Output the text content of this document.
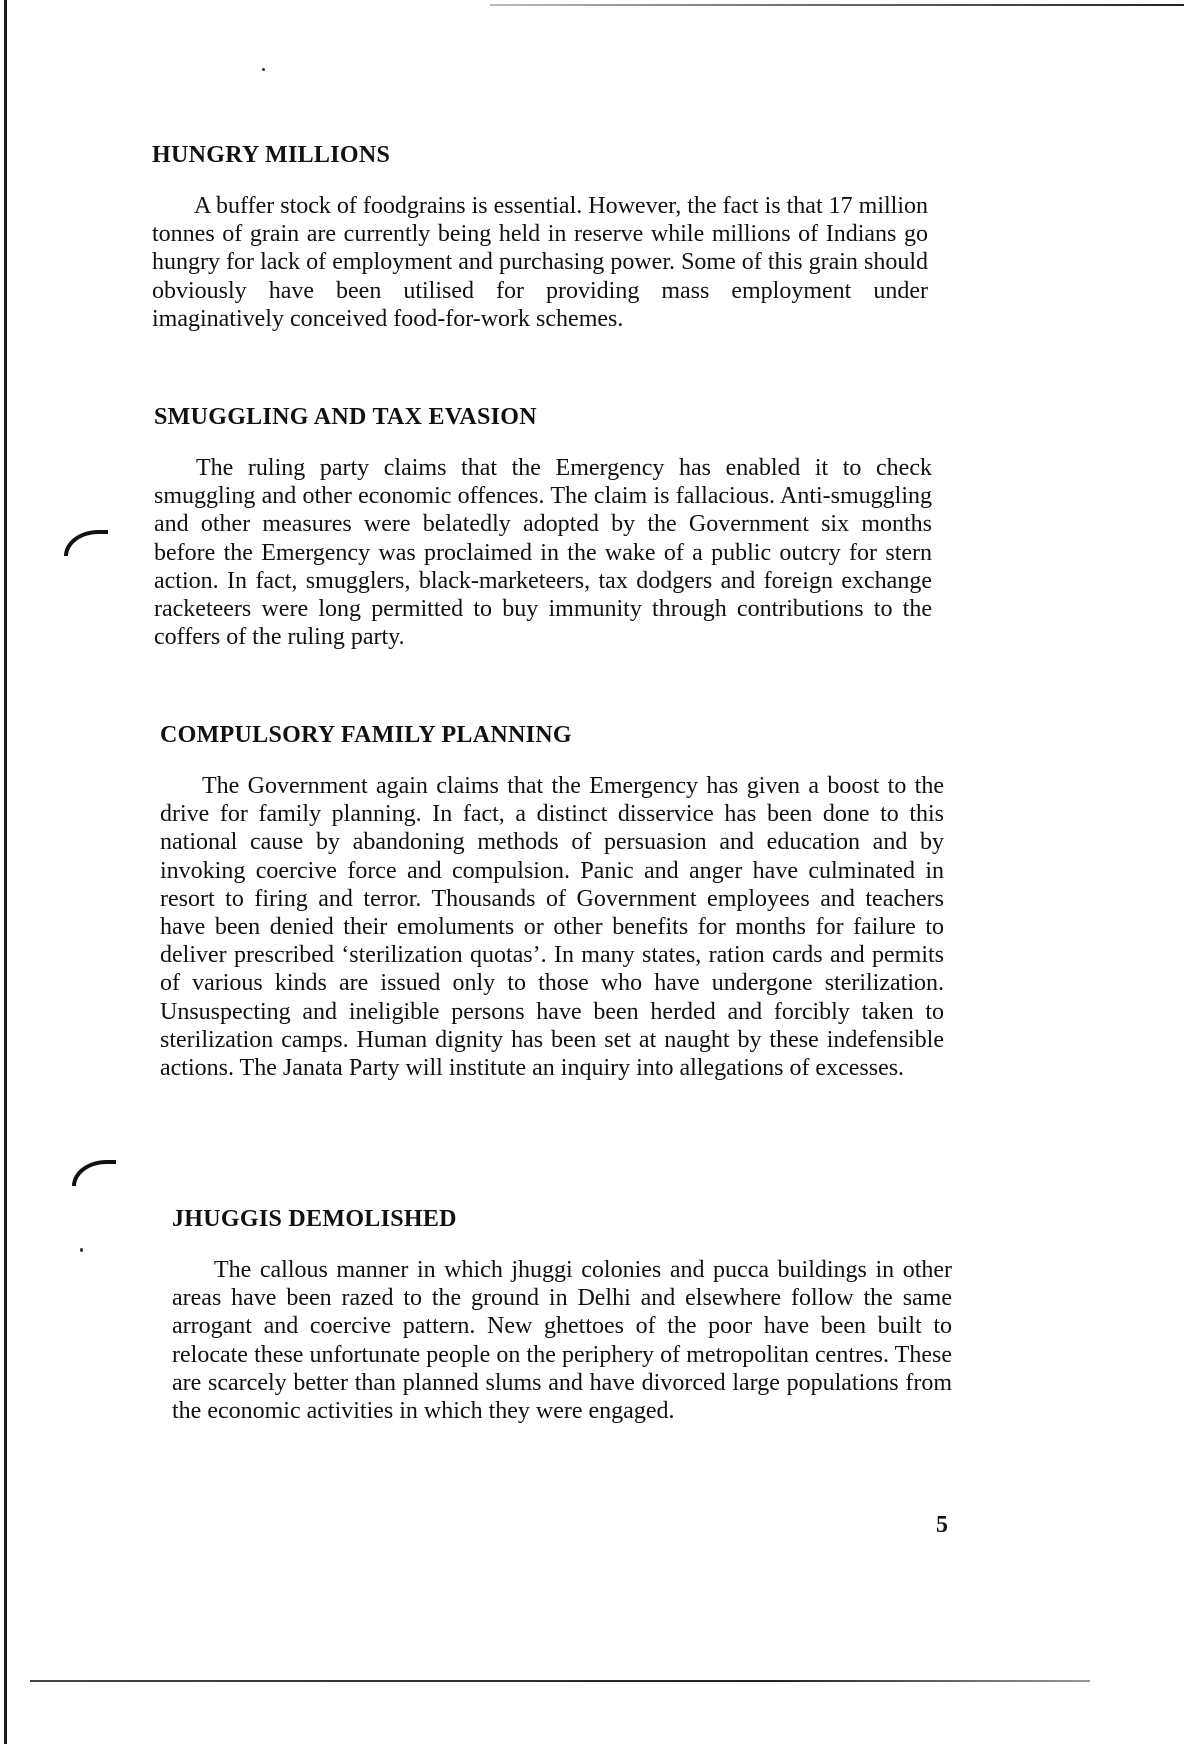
HUNGRY MILLIONS

A buffer stock of foodgrains is essential. However, the fact is that 17 million tonnes of grain are currently being held in reserve while millions of Indians go hungry for lack of employment and purchasing power. Some of this grain should obviously have been utilised for providing mass employment under imaginatively conceived food-for-work schemes.

SMUGGLING AND TAX EVASION

The ruling party claims that the Emergency has enabled it to check smuggling and other economic offences. The claim is fallacious. Anti-smuggling and other measures were belatedly adopted by the Government six months before the Emergency was proclaimed in the wake of a public outcry for stern action. In fact, smugglers, black-marketeers, tax dodgers and foreign exchange racketeers were long permitted to buy immunity through contributions to the coffers of the ruling party.

COMPULSORY FAMILY PLANNING

The Government again claims that the Emergency has given a boost to the drive for family planning. In fact, a distinct disservice has been done to this national cause by abandoning methods of persuasion and education and by invoking coercive force and compulsion. Panic and anger have culminated in resort to firing and terror. Thousands of Government employees and teachers have been denied their emoluments or other benefits for months for failure to deliver prescribed ‘sterilization quotas’. In many states, ration cards and permits of various kinds are issued only to those who have undergone sterilization. Unsuspecting and ineligible persons have been herded and forcibly taken to sterilization camps. Human dignity has been set at naught by these indefensible actions. The Janata Party will institute an inquiry into allegations of excesses.

JHUGGIS DEMOLISHED

The callous manner in which jhuggi colonies and pucca buildings in other areas have been razed to the ground in Delhi and elsewhere follow the same arrogant and coercive pattern. New ghettoes of the poor have been built to relocate these unfortunate people on the periphery of metropolitan centres. These are scarcely better than planned slums and have divorced large populations from the economic activities in which they were engaged.

5
